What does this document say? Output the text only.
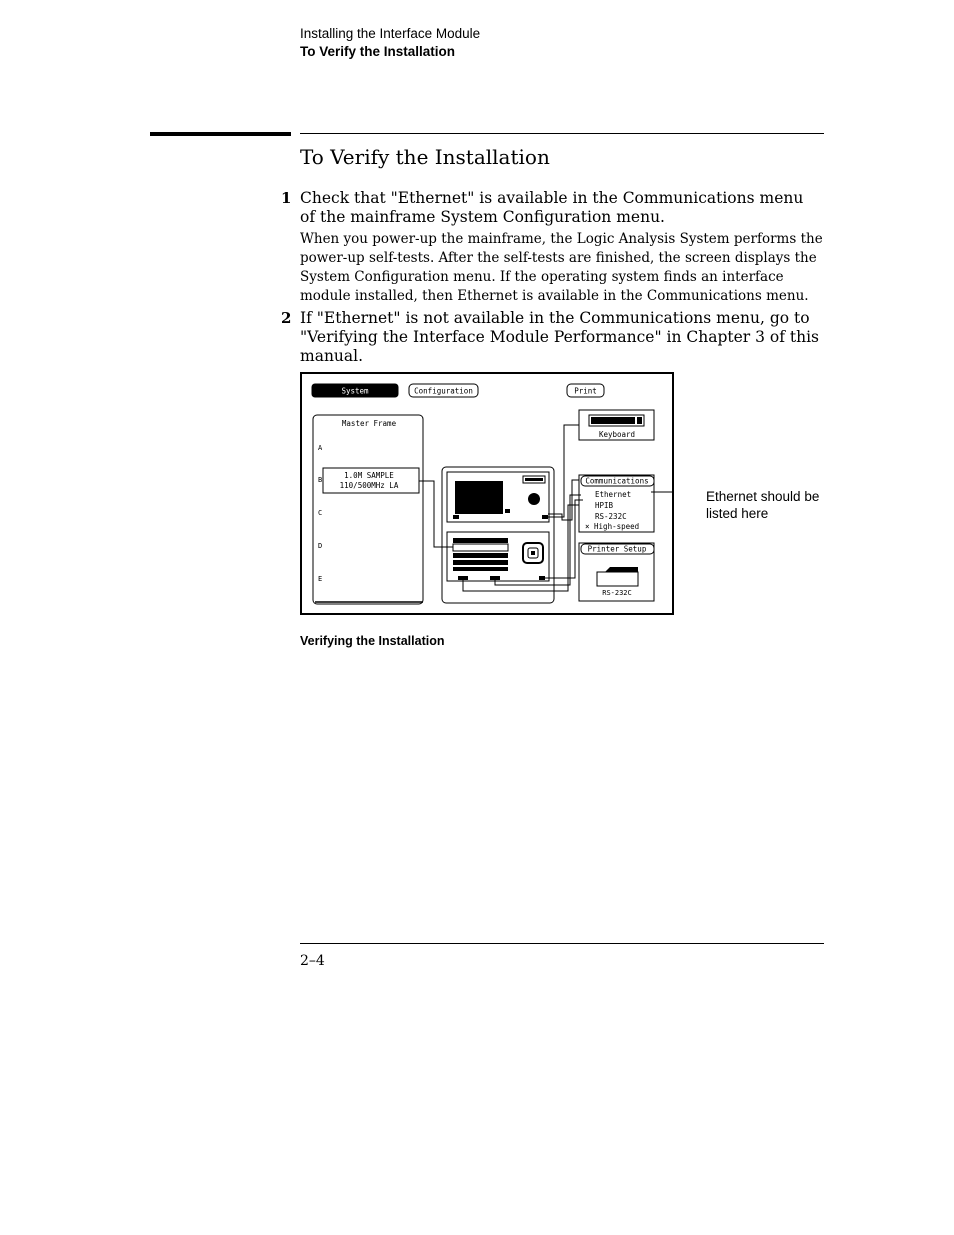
Installing the Interface Module
To Verify the Installation
To Verify the Installation
1 Check that "Ethernet" is available in the Communications menu of the mainframe System Configuration menu.
When you power-up the mainframe, the Logic Analysis System performs the power-up self-tests. After the self-tests are finished, the screen displays the System Configuration menu. If the operating system finds an interface module installed, then Ethernet is available in the Communications menu.
2 If "Ethernet" is not available in the Communications menu, go to "Verifying the Interface Module Performance" in Chapter 3 of this manual.
System	Configuration	Print
Master Frame
A
B
C
D
E
1.0M SAMPLE
110/500MHz LA
Keyboard
Communications
Ethernet
HPIB
RS-232C
× High-speed
Printer Setup
RS-232C
Ethernet should be listed here
Verifying the Installation
2–4
